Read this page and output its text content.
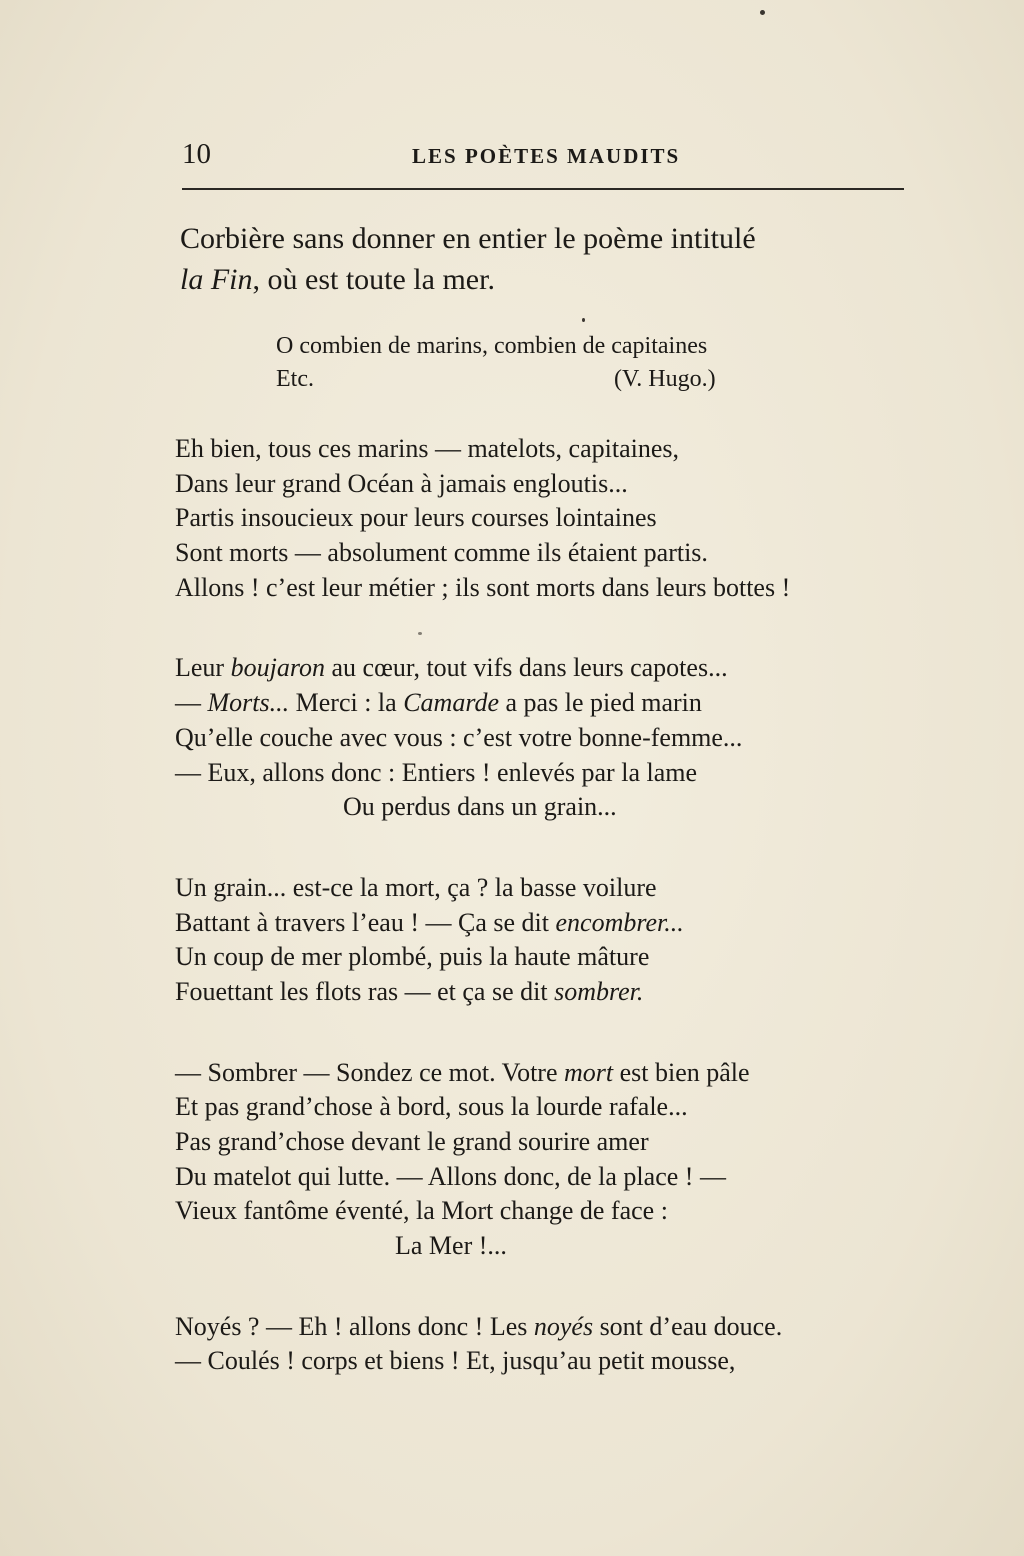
10	LES POÈTES MAUDITS
Corbière sans donner en entier le poème intitulé
la Fin, où est toute la mer.
O combien de marins, combien de capitaines
Etc.	(V. Hugo.)
Eh bien, tous ces marins — matelots, capitaines,
Dans leur grand Océan à jamais engloutis...
Partis insoucieux pour leurs courses lointaines
Sont morts — absolument comme ils étaient partis.
Allons ! c’est leur métier ; ils sont morts dans leurs bottes !
Leur boujaron au cœur, tout vifs dans leurs capotes...
— Morts... Merci : la Camarde a pas le pied marin
Qu’elle couche avec vous : c’est votre bonne-femme...
— Eux, allons donc : Entiers ! enlevés par la lame
Ou perdus dans un grain...
Un grain... est-ce la mort, ça ? la basse voilure
Battant à travers l’eau ! — Ça se dit encombrer...
Un coup de mer plombé, puis la haute mâture
Fouettant les flots ras — et ça se dit sombrer.
— Sombrer — Sondez ce mot. Votre mort est bien pâle
Et pas grand’chose à bord, sous la lourde rafale...
Pas grand’chose devant le grand sourire amer
Du matelot qui lutte. — Allons donc, de la place ! —
Vieux fantôme éventé, la Mort change de face :
La Mer !...
Noyés ? — Eh ! allons donc ! Les noyés sont d’eau douce.
— Coulés ! corps et biens ! Et, jusqu’au petit mousse,
